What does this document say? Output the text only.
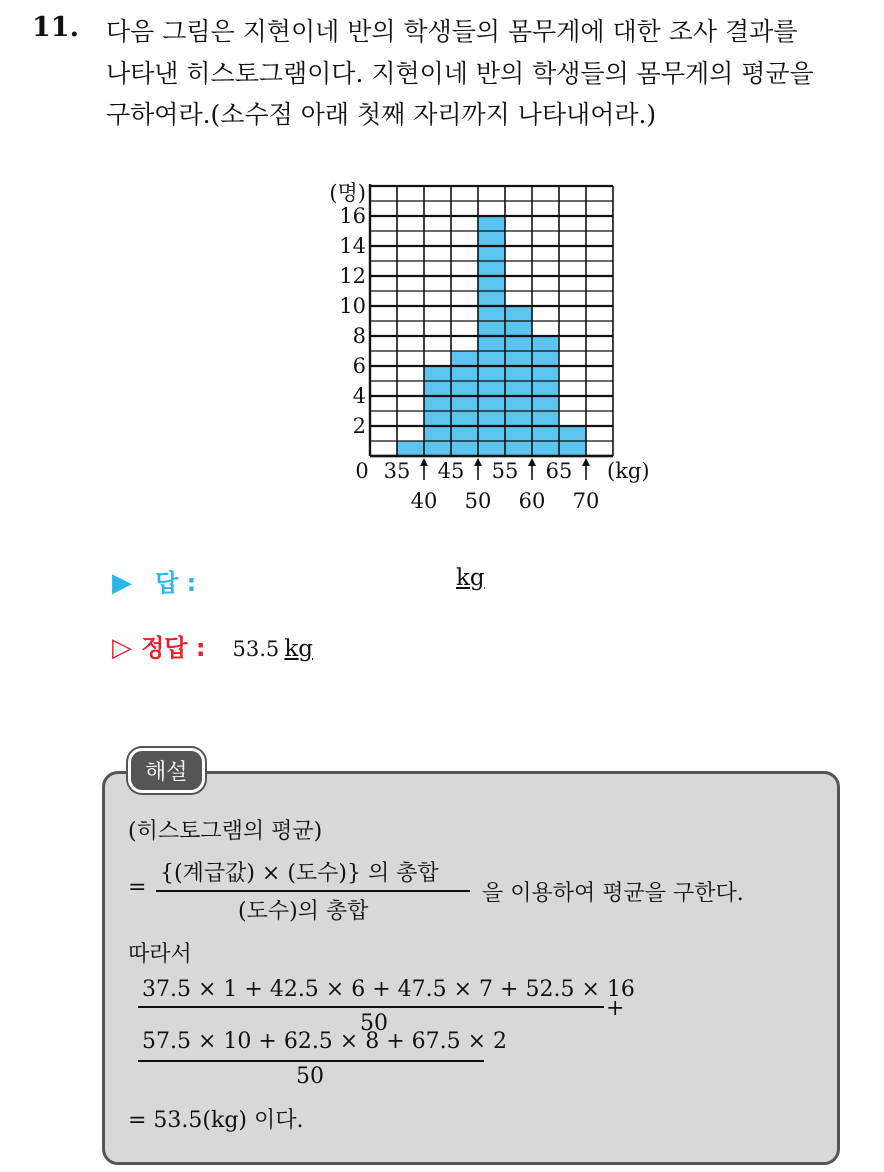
11. 다음 그림은 지현이네 반의 학생들의 몸무게에 대한 조사 결과를
나타낸 히스토그램이다. 지현이네 반의 학생들의 몸무게의 평균을
구하여라.(소수점 아래 첫째 자리까지 나타내어라.)
(명)
2
4
6
8
10
12
14
16
0 35 45 55 65
40 50 60 70
(kg)
▶ 답 :	kg
▷ 정답 : 53.5 kg
해설
(히스토그램의 평균)
=
{(계급값) × (도수)} 의 총합
(도수)의 총합
을 이용하여 평균을 구한다.
따라서
37.5 × 1 + 42.5 × 6 + 47.5 × 7 + 52.5 × 16
+
50
57.5 × 10 + 62.5 × 8 + 67.5 × 2
50
= 53.5(kg) 이다.
